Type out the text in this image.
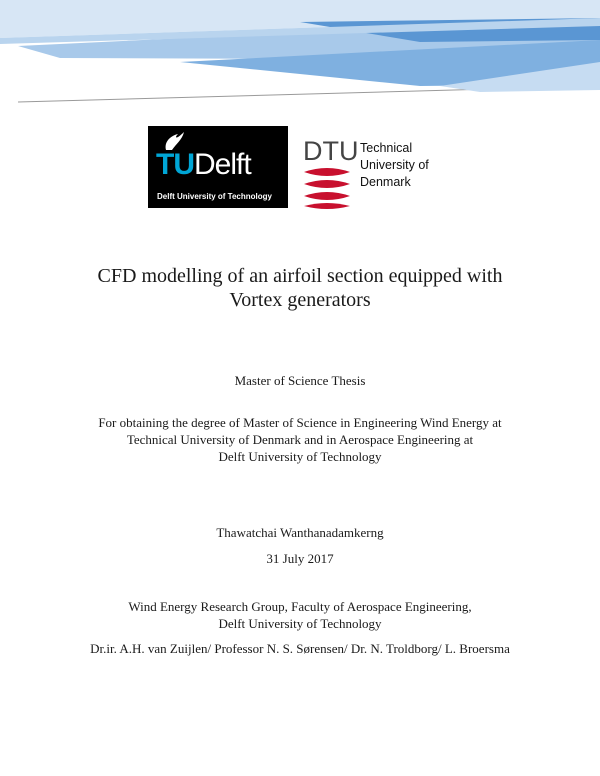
TUDelft
Delft University of Technology
DTU Technical
University of
Denmark
CFD modelling of an airfoil section equipped with
Vortex generators
Master of Science Thesis
For obtaining the degree of Master of Science in Engineering Wind Energy at
Technical University of Denmark and in Aerospace Engineering at
Delft University of Technology
Thawatchai Wanthanadamkerng
31 July 2017
Wind Energy Research Group, Faculty of Aerospace Engineering,
Delft University of Technology
Dr.ir. A.H. van Zuijlen/ Professor N. S. Sørensen/ Dr. N. Troldborg/ L. Broersma
